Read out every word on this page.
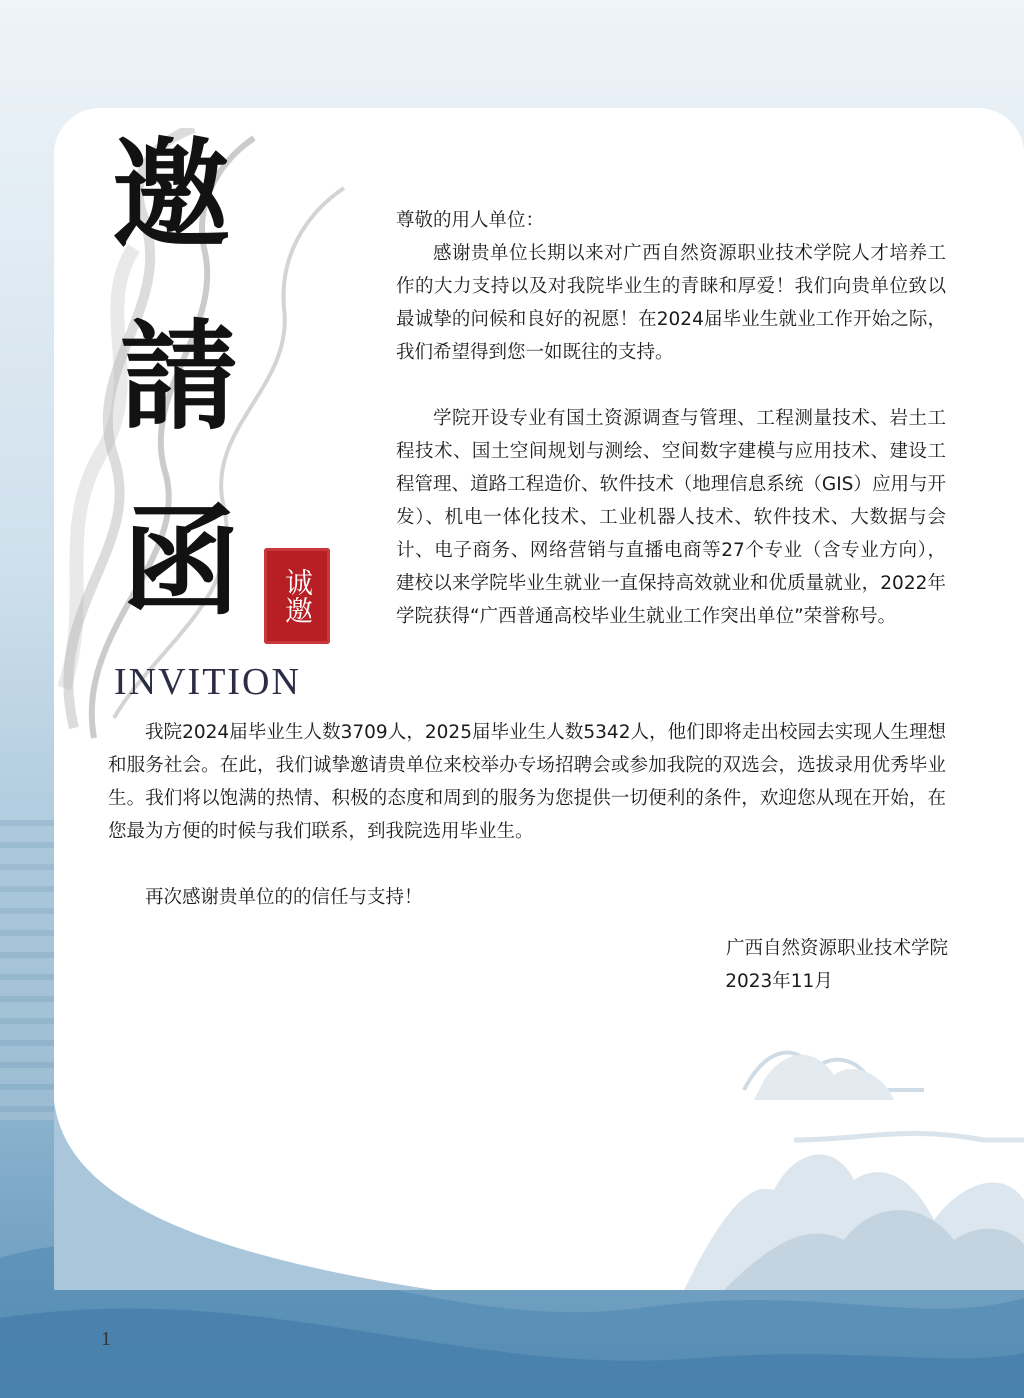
邀
請
函	诚邀
INVITION

尊敬的用人单位：

感谢贵单位长期以来对广西自然资源职业技术学院人才培养工作的大力支持以及对我院毕业生的青睐和厚爱！我们向贵单位致以最诚挚的问候和良好的祝愿！在2024届毕业生就业工作开始之际，我们希望得到您一如既往的支持。

学院开设专业有国土资源调查与管理、工程测量技术、岩土工程技术、国土空间规划与测绘、空间数字建模与应用技术、建设工程管理、道路工程造价、软件技术（地理信息系统（GIS）应用与开发）、机电一体化技术、工业机器人技术、软件技术、大数据与会计、电子商务、网络营销与直播电商等27个专业（含专业方向），建校以来学院毕业生就业一直保持高效就业和优质量就业，2022年学院获得“广西普通高校毕业生就业工作突出单位”荣誉称号。

我院2024届毕业生人数3709人，2025届毕业生人数5342人，他们即将走出校园去实现人生理想和服务社会。在此，我们诚挚邀请贵单位来校举办专场招聘会或参加我院的双选会，选拔录用优秀毕业生。我们将以饱满的热情、积极的态度和周到的服务为您提供一切便利的条件，欢迎您从现在开始，在您最为方便的时候与我们联系，到我院选用毕业生。

再次感谢贵单位的的信任与支持！

广西自然资源职业技术学院
2023年11月
1
